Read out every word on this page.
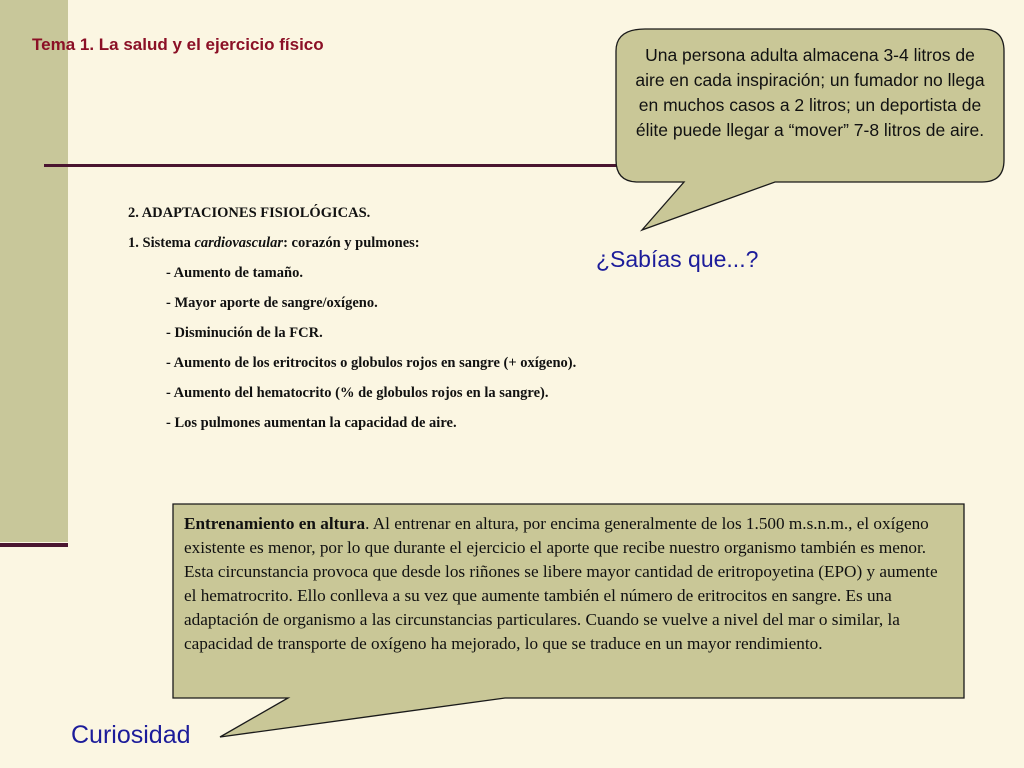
Tema 1. La salud y el ejercicio físico

2. ADAPTACIONES FISIOLÓGICAS.

1. Sistema cardiovascular: corazón y pulmones:

- Aumento de tamaño.

- Mayor aporte de sangre/oxígeno.

- Disminución de la FCR.

- Aumento de los eritrocitos o globulos rojos en sangre (+ oxígeno).

- Aumento del hematocrito (% de globulos rojos en la sangre).

- Los pulmones aumentan la capacidad de aire.

Una persona adulta almacena 3-4 litros de aire en cada inspiración; un fumador no llega en muchos casos a 2 litros; un deportista de élite puede llegar a “mover” 7-8 litros de aire.

¿Sabías que...?

Entrenamiento en altura. Al entrenar en altura, por encima generalmente de los 1.500 m.s.n.m., el oxígeno existente es menor, por lo que durante el ejercicio el aporte que recibe nuestro organismo también es menor. Esta circunstancia provoca que desde los riñones se libere mayor cantidad de eritropoyetina (EPO) y aumente el hematrocrito. Ello conlleva a su vez que aumente también el número de eritrocitos en sangre. Es una adaptación de organismo a las circunstancias particulares. Cuando se vuelve a nivel del mar o similar, la capacidad de transporte de oxígeno ha mejorado, lo que se traduce en un mayor rendimiento.

Curiosidad
